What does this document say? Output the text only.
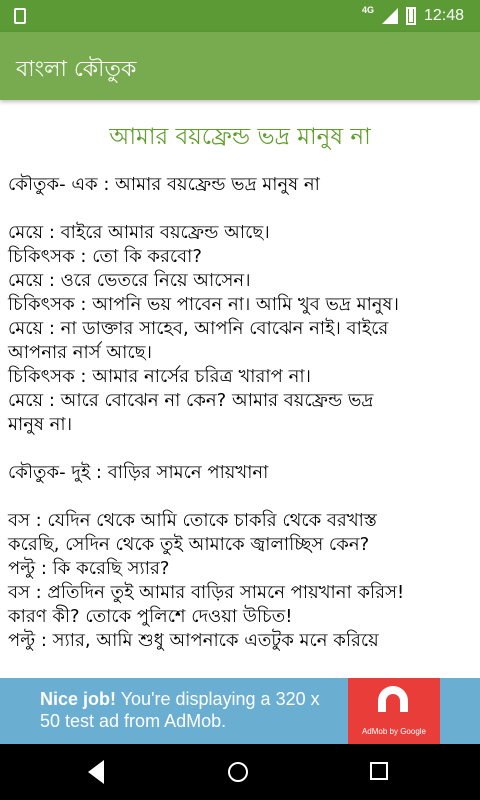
4G	12:48
বাংলা কৌতুক
আমার বয়ফ্রেন্ড ভদ্র মানুষ না
কৌতুক- এক : আমার বয়ফ্রেন্ড ভদ্র মানুষ না
মেয়ে : বাইরে আমার বয়ফ্রেন্ড আছে।
চিকিৎসক : তো কি করবো?
মেয়ে : ওরে ভেতরে নিয়ে আসেন।
চিকিৎসক : আপনি ভয় পাবেন না। আমি খুব ভদ্র মানুষ।
মেয়ে : না ডাক্তার সাহেব, আপনি বোঝেন নাই। বাইরে
আপনার নার্স আছে।
চিকিৎসক : আমার নার্সের চরিত্র খারাপ না।
মেয়ে : আরে বোঝেন না কেন? আমার বয়ফ্রেন্ড ভদ্র
মানুষ না।
কৌতুক- দুই : বাড়ির সামনে পায়খানা
বস : যেদিন থেকে আমি তোকে চাকরি থেকে বরখাস্ত
করেছি, সেদিন থেকে তুই আমাকে জ্বালাচ্ছিস কেন?
পল্টু : কি করেছি স্যার?
বস : প্রতিদিন তুই আমার বাড়ির সামনে পায়খানা করিস!
কারণ কী? তোকে পুলিশে দেওয়া উচিত!
পল্টু : স্যার, আমি শুধু আপনাকে এতটুক মনে করিয়ে
Nice job! You're displaying a 320 x 50 test ad from AdMob.
AdMob by Google
